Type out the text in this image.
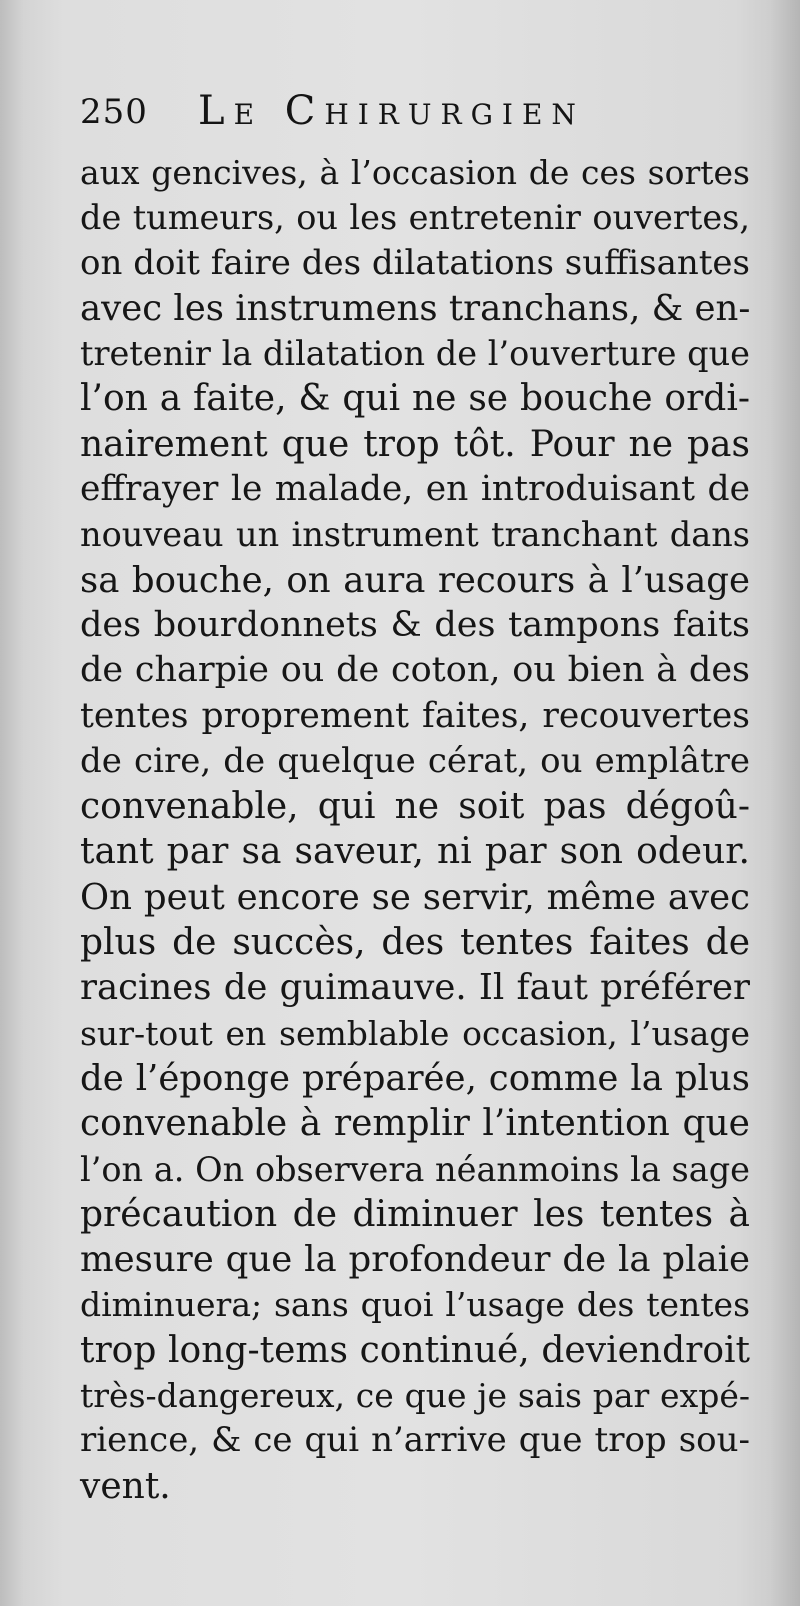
250 Le Chirurgien
aux gencives, à l’occasion de ces sortes
de tumeurs, ou les entretenir ouvertes,
on doit faire des dilatations suffisantes
avec les instrumens tranchans, & en-
tretenir la dilatation de l’ouverture que
l’on a faite, & qui ne se bouche ordi-
nairement que trop tôt. Pour ne pas
effrayer le malade, en introduisant de
nouveau un instrument tranchant dans
sa bouche, on aura recours à l’usage
des bourdonnets & des tampons faits
de charpie ou de coton, ou bien à des
tentes proprement faites, recouvertes
de cire, de quelque cérat, ou emplâtre
convenable, qui ne soit pas dégoû-
tant par sa saveur, ni par son odeur.
On peut encore se servir, même avec
plus de succès, des tentes faites de
racines de guimauve. Il faut préférer
sur-tout en semblable occasion, l’usage
de l’éponge préparée, comme la plus
convenable à remplir l’intention que
l’on a. On observera néanmoins la sage
précaution de diminuer les tentes à
mesure que la profondeur de la plaie
diminuera; sans quoi l’usage des tentes
trop long-tems continué, deviendroit
très-dangereux, ce que je sais par expé-
rience, & ce qui n’arrive que trop sou-
vent.
